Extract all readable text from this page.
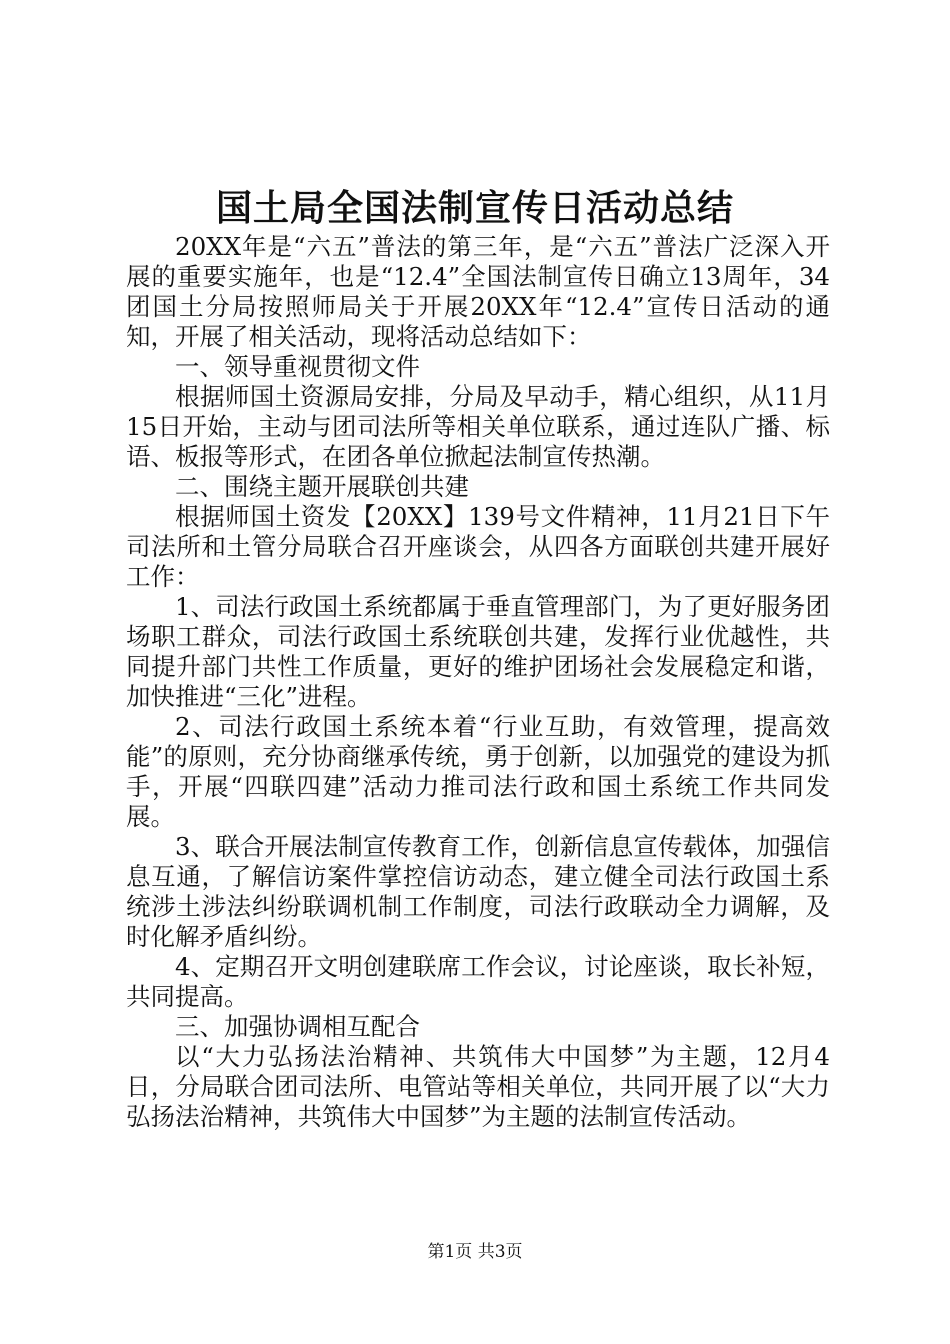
国土局全国法制宣传日活动总结

20XX年是“六五”普法的第三年，是“六五”普法广泛深入开展的重要实施年，也是“12.4”全国法制宣传日确立13周年，34团国土分局按照师局关于开展20XX年“12.4”宣传日活动的通知，开展了相关活动，现将活动总结如下：

一、领导重视贯彻文件

根据师国土资源局安排，分局及早动手，精心组织，从11月15日开始，主动与团司法所等相关单位联系，通过连队广播、标语、板报等形式，在团各单位掀起法制宣传热潮。

二、围绕主题开展联创共建

根据师国土资发【20XX】139号文件精神，11月21日下午司法所和土管分局联合召开座谈会，从四各方面联创共建开展好工作：

1、司法行政国土系统都属于垂直管理部门，为了更好服务团场职工群众，司法行政国土系统联创共建，发挥行业优越性，共同提升部门共性工作质量，更好的维护团场社会发展稳定和谐，加快推进“三化”进程。

2、司法行政国土系统本着“行业互助，有效管理，提高效能”的原则，充分协商继承传统，勇于创新，以加强党的建设为抓手，开展“四联四建”活动力推司法行政和国土系统工作共同发展。

3、联合开展法制宣传教育工作，创新信息宣传载体，加强信息互通，了解信访案件掌控信访动态，建立健全司法行政国土系统涉土涉法纠纷联调机制工作制度，司法行政联动全力调解，及时化解矛盾纠纷。

4、定期召开文明创建联席工作会议，讨论座谈，取长补短，共同提高。

三、加强协调相互配合

以“大力弘扬法治精神、共筑伟大中国梦”为主题，12月4日，分局联合团司法所、电管站等相关单位，共同开展了以“大力弘扬法治精神，共筑伟大中国梦”为主题的法制宣传活动。

第1页 共3页
